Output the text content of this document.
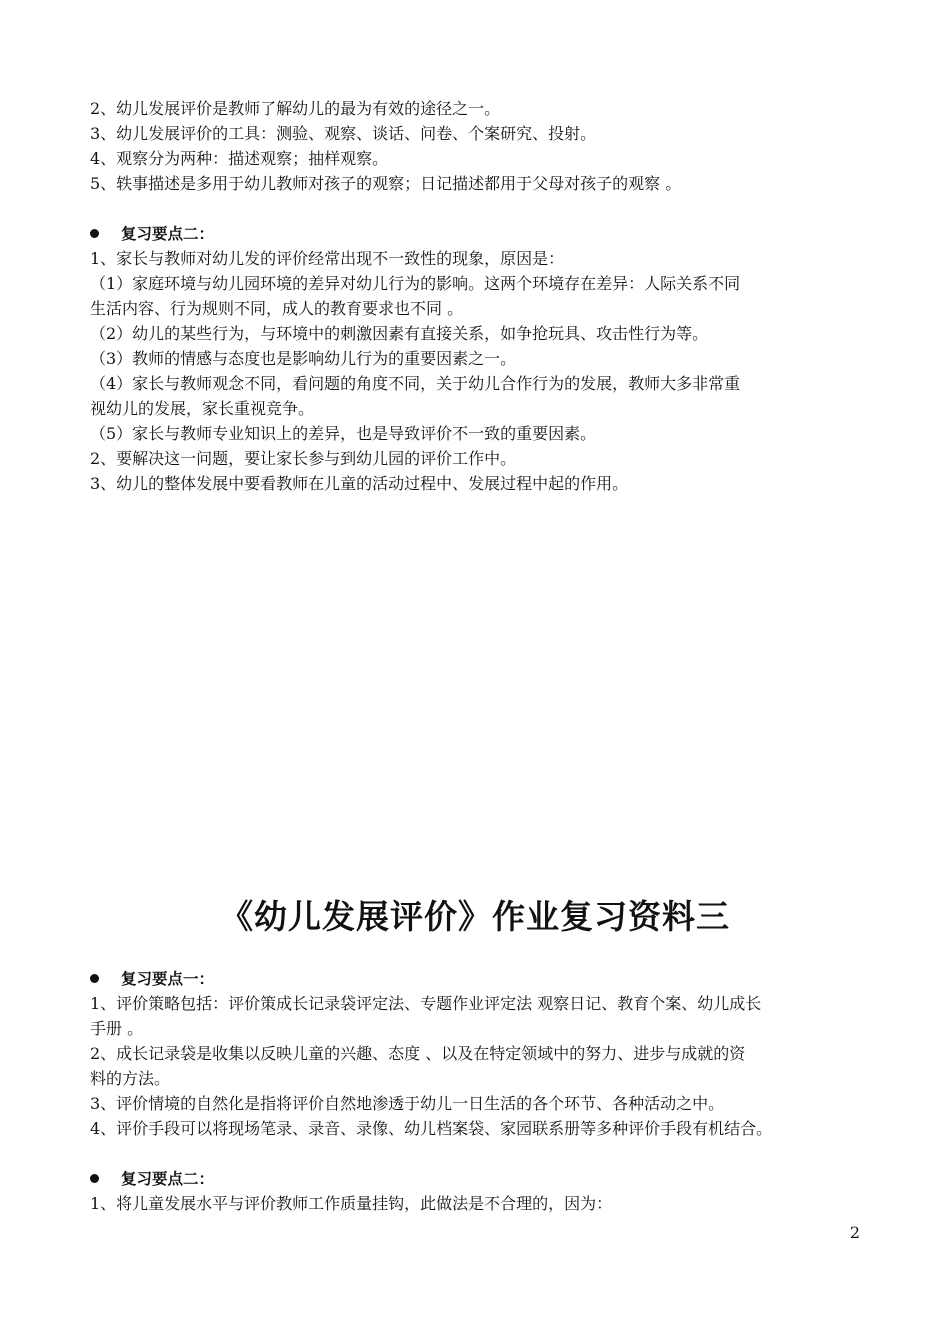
2、幼儿发展评价是教师了解幼儿的最为有效的途径之一。
3、幼儿发展评价的工具：测验、观察、谈话、问卷、个案研究、投射。
4、观察分为两种：描述观察；抽样观察。
5、轶事描述是多用于幼儿教师对孩子的观察；日记描述都用于父母对孩子的观察 。
复习要点二：
1、家长与教师对幼儿发的评价经常出现不一致性的现象，原因是：
（1）家庭环境与幼儿园环境的差异对幼儿行为的影响。这两个环境存在差异：人际关系不同
生活内容、行为规则不同，成人的教育要求也不同 。
（2）幼儿的某些行为，与环境中的刺激因素有直接关系，如争抢玩具、攻击性行为等。
（3）教师的情感与态度也是影响幼儿行为的重要因素之一。
（4）家长与教师观念不同，看问题的角度不同，关于幼儿合作行为的发展，教师大多非常重
视幼儿的发展，家长重视竞争。
（5）家长与教师专业知识上的差异，也是导致评价不一致的重要因素。
2、要解决这一问题，要让家长参与到幼儿园的评价工作中。
3、幼儿的整体发展中要看教师在儿童的活动过程中、发展过程中起的作用。
《幼儿发展评价》作业复习资料三
复习要点一：
1、评价策略包括：评价策成长记录袋评定法、专题作业评定法 观察日记、教育个案、幼儿成长
手册 。
2、成长记录袋是收集以反映儿童的兴趣、态度 、以及在特定领域中的努力、进步与成就的资
料的方法。
3、评价情境的自然化是指将评价自然地渗透于幼儿一日生活的各个环节、各种活动之中。
4、评价手段可以将现场笔录、录音、录像、幼儿档案袋、家园联系册等多种评价手段有机结合。
复习要点二：
1、将儿童发展水平与评价教师工作质量挂钩，此做法是不合理的，因为：
2
